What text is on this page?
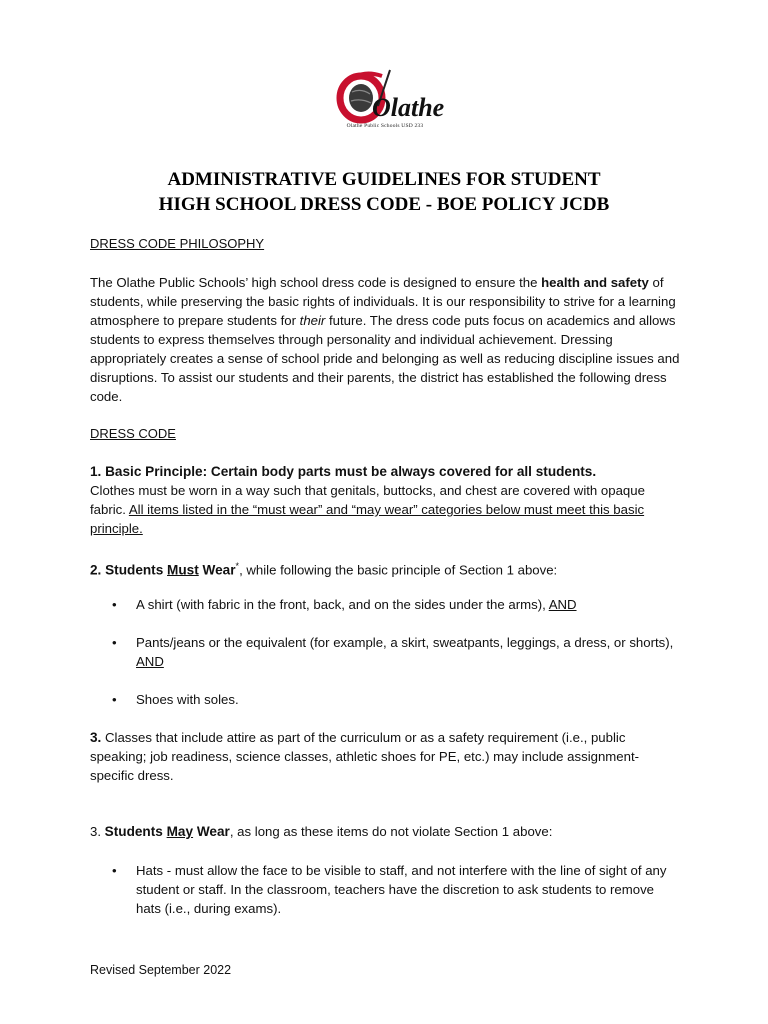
Olathe
Olathe Public Schools USD 233
ADMINISTRATIVE GUIDELINES FOR STUDENT
HIGH SCHOOL DRESS CODE - BOE POLICY JCDB
DRESS CODE PHILOSOPHY
The Olathe Public Schools’ high school dress code is designed to ensure the health and safety of students, while preserving the basic rights of individuals. It is our responsibility to strive for a learning atmosphere to prepare students for their future. The dress code puts focus on academics and allows students to express themselves through personality and individual achievement. Dressing appropriately creates a sense of school pride and belonging as well as reducing discipline issues and disruptions. To assist our students and their parents, the district has established the following dress code.
DRESS CODE
1. Basic Principle: Certain body parts must be always covered for all students.
Clothes must be worn in a way such that genitals, buttocks, and chest are covered with opaque fabric. All items listed in the “must wear” and “may wear” categories below must meet this basic principle.
2. Students Must Wear*, while following the basic principle of Section 1 above:
•	A shirt (with fabric in the front, back, and on the sides under the arms), AND
•	Pants/jeans or the equivalent (for example, a skirt, sweatpants, leggings, a dress, or shorts), AND
•	Shoes with soles.
3. Classes that include attire as part of the curriculum or as a safety requirement (i.e., public speaking; job readiness, science classes, athletic shoes for PE, etc.) may include assignment-specific dress.
3. Students May Wear, as long as these items do not violate Section 1 above:
•	Hats - must allow the face to be visible to staff, and not interfere with the line of sight of any student or staff. In the classroom, teachers have the discretion to ask students to remove hats (i.e., during exams).
Revised September 2022
